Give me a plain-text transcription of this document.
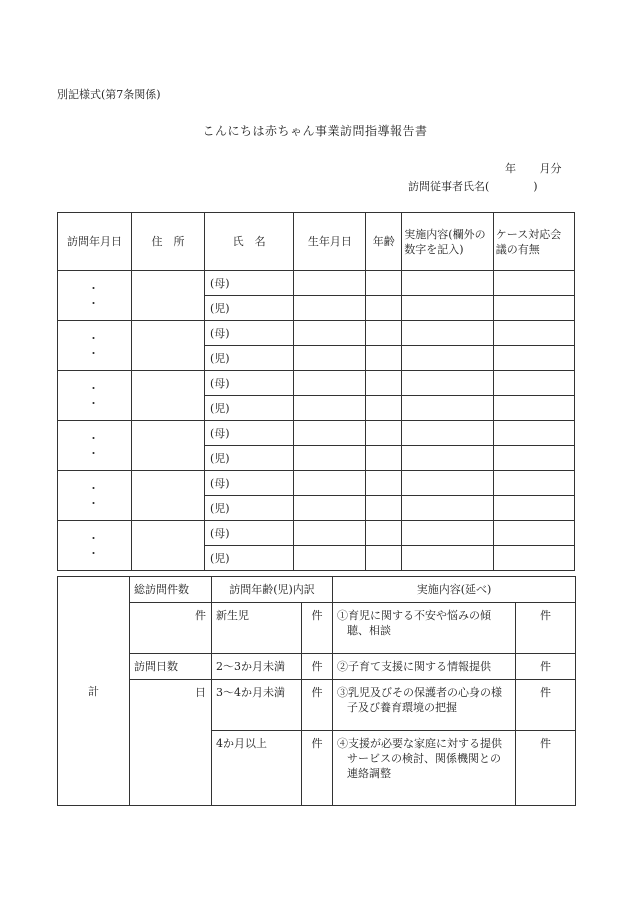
別記様式(第7条関係)
こんにちは赤ちゃん事業訪問指導報告書
年 月分
訪問従事者氏名(　　　　)
訪問年月日	住　所	氏　名	生年月日	年齢	実施内容(欄外の数字を記入)	ケース対応会議の有無
・ ・		(母)				
		(児)				
・ ・		(母)				
		(児)				
・ ・		(母)				
		(児)				
・ ・		(母)				
		(児)				
・ ・		(母)				
		(児)				
・ ・		(母)				
		(児)				
計	総訪問件数	訪問年齢(児)内訳		実施内容(延べ)	
	件	新生児	件	①育児に関する不安や悩みの傾聴、相談	件
	訪問日数	2〜3か月未満	件	②子育て支援に関する情報提供	件
	日	3〜4か月未満	件	③乳児及びその保護者の心身の様子及び養育環境の把握	件
		4か月以上	件	④支援が必要な家庭に対する提供サービスの検討、関係機関との連絡調整	件
